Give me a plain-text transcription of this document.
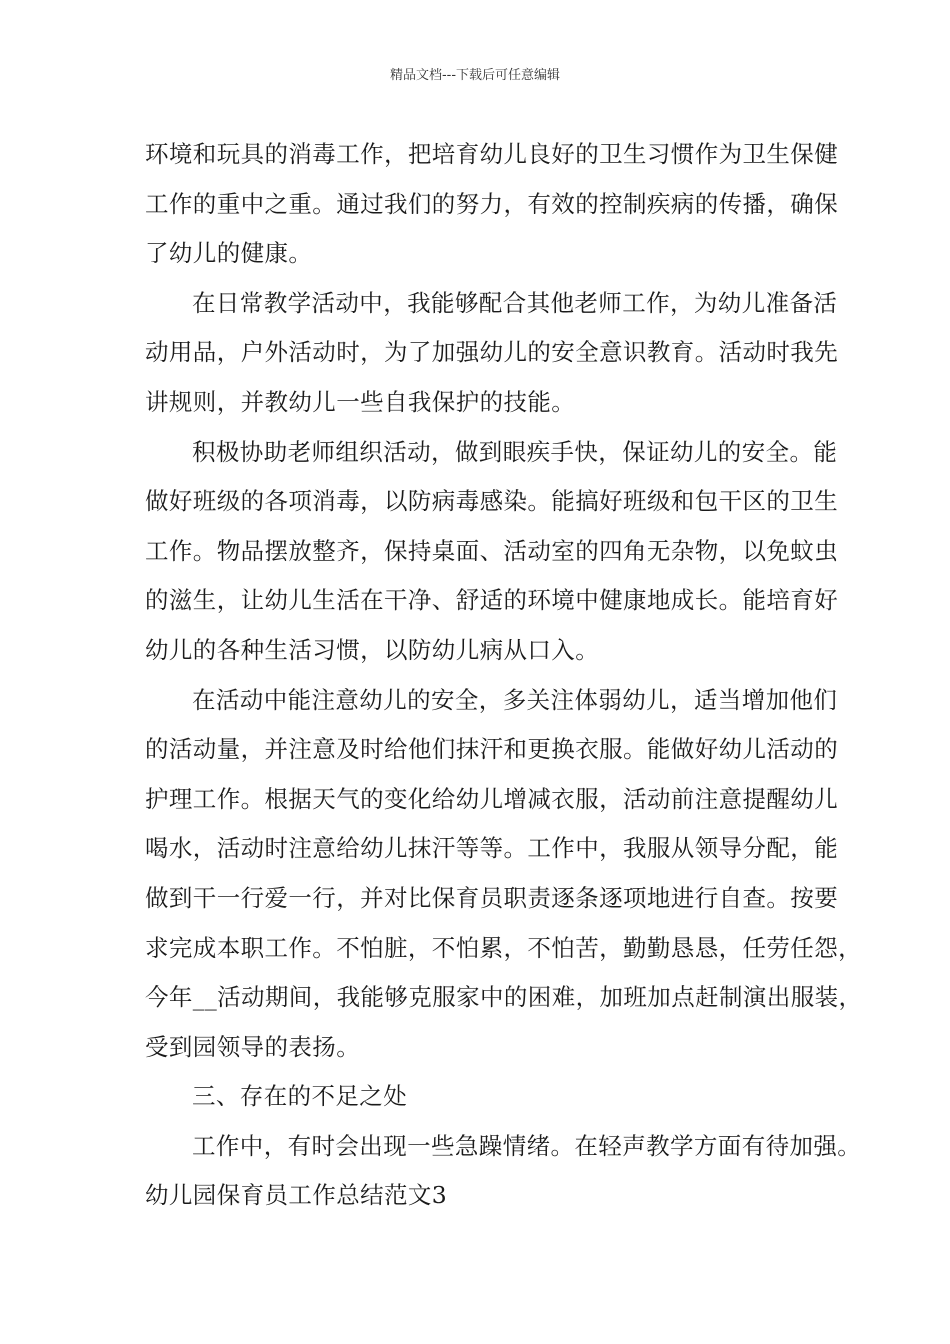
精品文档---下载后可任意编辑
环境和玩具的消毒工作，把培育幼儿良好的卫生习惯作为卫生保健
工作的重中之重。通过我们的努力，有效的控制疾病的传播，确保
了幼儿的健康。
在日常教学活动中，我能够配合其他老师工作，为幼儿准备活
动用品，户外活动时，为了加强幼儿的安全意识教育。活动时我先
讲规则，并教幼儿一些自我保护的技能。
积极协助老师组织活动，做到眼疾手快，保证幼儿的安全。能
做好班级的各项消毒，以防病毒感染。能搞好班级和包干区的卫生
工作。物品摆放整齐，保持桌面、活动室的四角无杂物，以免蚊虫
的滋生，让幼儿生活在干净、舒适的环境中健康地成长。能培育好
幼儿的各种生活习惯，以防幼儿病从口入。
在活动中能注意幼儿的安全，多关注体弱幼儿，适当增加他们
的活动量，并注意及时给他们抹汗和更换衣服。能做好幼儿活动的
护理工作。根据天气的变化给幼儿增减衣服，活动前注意提醒幼儿
喝水，活动时注意给幼儿抹汗等等。工作中，我服从领导分配，能
做到干一行爱一行，并对比保育员职责逐条逐项地进行自查。按要
求完成本职工作。不怕脏，不怕累，不怕苦，勤勤恳恳，任劳任怨，
今年__活动期间，我能够克服家中的困难，加班加点赶制演出服装，
受到园领导的表扬。
三、存在的不足之处
工作中，有时会出现一些急躁情绪。在轻声教学方面有待加强。
幼儿园保育员工作总结范文3
